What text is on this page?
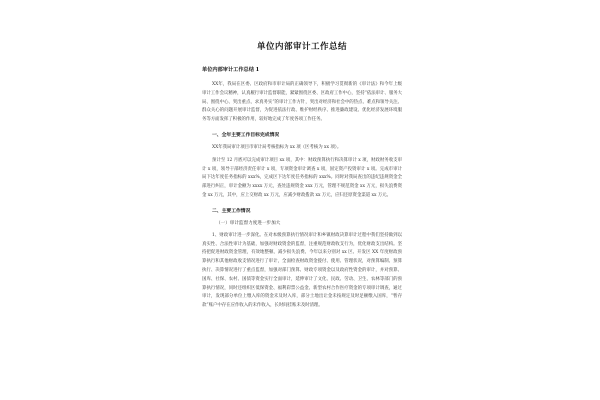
单位内部审计工作总结
单位内部审计工作总结 1

XX年，我局在区委、区政府和市审计局的正确领导下，积极学习贯彻新的《审计法》和今年上级审计工作会议精神，认真履行审计监督职能，紧紧围绕区委、区政府工作中心，坚持“依法审计、服务大局、围绕中心、突出重点、求真务实”的审计工作方针，突出对经济和社会中的热点、难点和领导关注、群众关心的问题开展审计监督，为促进依法行政、维护财经秩序、推进廉政建设、优化经济发展环境服务等方面发挥了积极的作用，较好地完成了年度各项工作任务。

一、全年主要工作目标完成情况

XX年我局审计项目市审计局考核指标为 xx 项（区考核为 xx 项）。

预计至 12 月底可以完成审计项目 xx 项，其中：财政预算执行和决算审计 x 项，财政财务收支审计 x 项，领导干部经济责任审计 x 项，专项资金审计调查 x 项，固定资产投资审计 x 项。完成市审计局下达年度任务指标的 xxx%，完成区下达年度任务指标的 xxx%。同时对我局查出的违纪违规资金全部进行纠正，审计金额为 xxxx 万元，查处违规资金 xxx 万元，管理不规范资金 xx 万元，损失浪费资金 xx 万元，其中，应上交财政 xx 万元，应减少财政拨款 xx 万元，应归还原资金渠道 xx 万元。

二、主要工作情况
（一）审计监督力度进一步加大

1、财政审计进一步深化。在对本级预算执行情况审计和乡镇财政决算审计过程中我们坚持做到以真实性、合法性审计为基础，加强对财政资金的监督，注重规范财政收支行为，优化财政支出结构。坚持把促进财政资金管理，有效地整顿、减少损失浪费。今年以来分别对 xx 区、开发区 XX 年度财政预算执行和其他财政收支情况进行了审计，全面检查财政资金拨付、使用、管理状况，对预算编制、预算执行、决算情况进行了重点监督，加强对部门预算、财政专项资金以及政府性资金的审计，并对预算、国库、社保、农村、国债等资金实行全面审计，延伸审计了文化、民政、劳动、卫生、农林等部门的预算执行情况，同时还组织区低保资金、福利彩票公益金、新型农村合作医疗资金的专项审计调查，通过审计，发现部分单位上缴入库的资金未及时入库，部分土地出让金未按规定及时足额缴入国库，“暂存款”账户中存在应作收入的未作收入，长时间挂账未及时清理。
